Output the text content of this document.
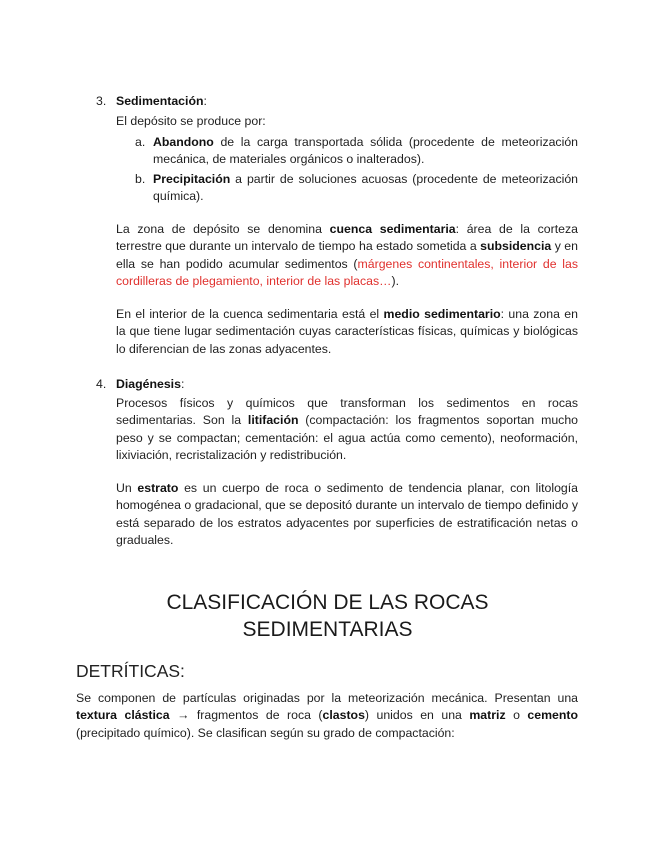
3. Sedimentación:
El depósito se produce por:
a. Abandono de la carga transportada sólida (procedente de meteorización mecánica, de materiales orgánicos o inalterados).
b. Precipitación a partir de soluciones acuosas (procedente de meteorización química).
La zona de depósito se denomina cuenca sedimentaria: área de la corteza terrestre que durante un intervalo de tiempo ha estado sometida a subsidencia y en ella se han podido acumular sedimentos (márgenes continentales, interior de las cordilleras de plegamiento, interior de las placas…).
En el interior de la cuenca sedimentaria está el medio sedimentario: una zona en la que tiene lugar sedimentación cuyas características físicas, químicas y biológicas lo diferencian de las zonas adyacentes.
4. Diagénesis:
Procesos físicos y químicos que transforman los sedimentos en rocas sedimentarias. Son la litifación (compactación: los fragmentos soportan mucho peso y se compactan; cementación: el agua actúa como cemento), neoformación, lixiviación, recristalización y redistribución.
Un estrato es un cuerpo de roca o sedimento de tendencia planar, con litología homogénea o gradacional, que se depositó durante un intervalo de tiempo definido y está separado de los estratos adyacentes por superficies de estratificación netas o graduales.
CLASIFICACIÓN DE LAS ROCAS
SEDIMENTARIAS
DETRÍTICAS:
Se componen de partículas originadas por la meteorización mecánica. Presentan una textura clástica → fragmentos de roca (clastos) unidos en una matriz o cemento (precipitado químico). Se clasifican según su grado de compactación:
